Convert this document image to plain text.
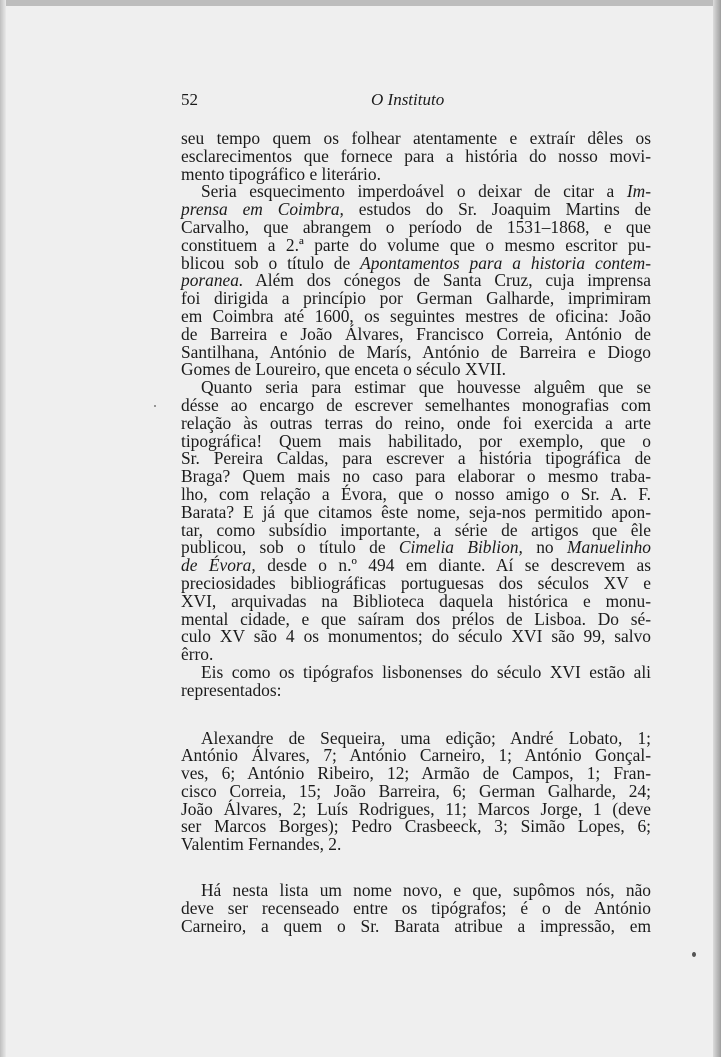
52	O Instituto
seu tempo quem os folhear atentamente e extraír dêles os
esclarecimentos que fornece para a história do nosso movi-
mento tipográfico e literário.
Seria esquecimento imperdoável o deixar de citar a Im-
prensa em Coimbra, estudos do Sr. Joaquim Martins de
Carvalho, que abrangem o período de 1531–1868, e que
constituem a 2.ª parte do volume que o mesmo escritor pu-
blicou sob o título de Apontamentos para a historia contem-
poranea. Além dos cónegos de Santa Cruz, cuja imprensa
foi dirigida a princípio por German Galharde, imprimiram
em Coimbra até 1600, os seguintes mestres de oficina: João
de Barreira e João Álvares, Francisco Correia, António de
Santilhana, António de Marís, António de Barreira e Diogo
Gomes de Loureiro, que enceta o século XVII.
Quanto seria para estimar que houvesse alguêm que se
désse ao encargo de escrever semelhantes monografias com
relação às outras terras do reino, onde foi exercida a arte
tipográfica! Quem mais habilitado, por exemplo, que o
Sr. Pereira Caldas, para escrever a história tipográfica de
Braga? Quem mais no caso para elaborar o mesmo traba-
lho, com relação a Évora, que o nosso amigo o Sr. A. F.
Barata? E já que citamos êste nome, seja-nos permitido apon-
tar, como subsídio importante, a série de artigos que êle
publicou, sob o título de Cimelia Biblion, no Manuelinho
de Évora, desde o n.º 494 em diante. Aí se descrevem as
preciosidades bibliográficas portuguesas dos séculos XV e
XVI, arquivadas na Biblioteca daquela histórica e monu-
mental cidade, e que saíram dos prélos de Lisboa. Do sé-
culo XV são 4 os monumentos; do século XVI são 99, salvo
êrro.
Eis como os tipógrafos lisbonenses do século XVI estão ali
representados:
Alexandre de Sequeira, uma edição; André Lobato, 1;
António Álvares, 7; António Carneiro, 1; António Gonçal-
ves, 6; António Ribeiro, 12; Armão de Campos, 1; Fran-
cisco Correia, 15; João Barreira, 6; German Galharde, 24;
João Álvares, 2; Luís Rodrigues, 11; Marcos Jorge, 1 (deve
ser Marcos Borges); Pedro Crasbeeck, 3; Simão Lopes, 6;
Valentim Fernandes, 2.
Há nesta lista um nome novo, e que, supômos nós, não
deve ser recenseado entre os tipógrafos; é o de António
Carneiro, a quem o Sr. Barata atribue a impressão, em
